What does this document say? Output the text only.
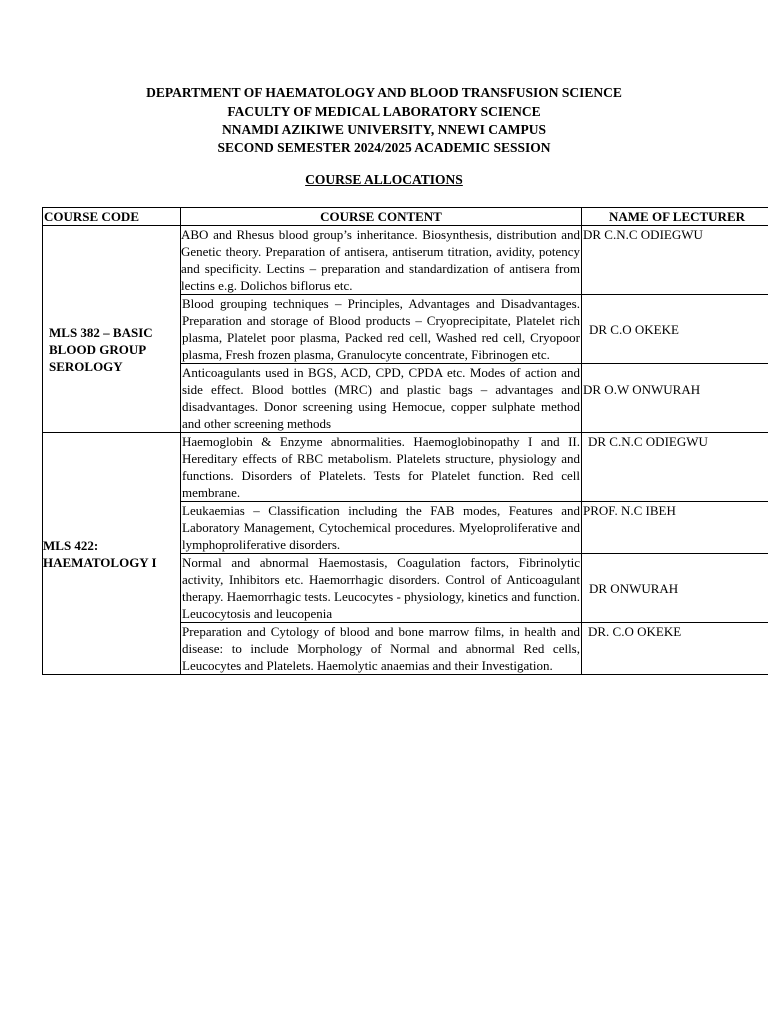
DEPARTMENT OF HAEMATOLOGY AND BLOOD TRANSFUSION SCIENCE
FACULTY OF MEDICAL LABORATORY SCIENCE
NNAMDI AZIKIWE UNIVERSITY, NNEWI CAMPUS
SECOND SEMESTER 2024/2025 ACADEMIC SESSION
COURSE ALLOCATIONS
COURSE CODE	COURSE CONTENT	NAME OF LECTURER
MLS 382 – BASIC BLOOD GROUP SEROLOGY	ABO and Rhesus blood group’s inheritance. Biosynthesis, distribution and Genetic theory. Preparation of antisera, antiserum titration, avidity, potency and specificity. Lectins – preparation and standardization of antisera from lectins e.g. Dolichos biflorus etc.	DR C.N.C ODIEGWU
	Blood grouping techniques – Principles, Advantages and Disadvantages. Preparation and storage of Blood products – Cryoprecipitate, Platelet rich plasma, Platelet poor plasma, Packed red cell, Washed red cell, Cryopoor plasma, Fresh frozen plasma, Granulocyte concentrate, Fibrinogen etc.	DR C.O OKEKE
	Anticoagulants used in BGS, ACD, CPD, CPDA etc. Modes of action and side effect. Blood bottles (MRC) and plastic bags – advantages and disadvantages. Donor screening using Hemocue, copper sulphate method and other screening methods	DR O.W ONWURAH
MLS 422: HAEMATOLOGY I	Haemoglobin & Enzyme abnormalities. Haemoglobinopathy I and II. Hereditary effects of RBC metabolism. Platelets structure, physiology and functions. Disorders of Platelets. Tests for Platelet function. Red cell membrane.	DR C.N.C ODIEGWU
	Leukaemias – Classification including the FAB modes, Features and Laboratory Management, Cytochemical procedures. Myeloproliferative and lymphoproliferative disorders.	PROF. N.C IBEH
	Normal and abnormal Haemostasis, Coagulation factors, Fibrinolytic activity, Inhibitors etc. Haemorrhagic disorders. Control of Anticoagulant therapy. Haemorrhagic tests. Leucocytes - physiology, kinetics and function. Leucocytosis and leucopenia	DR ONWURAH
	Preparation and Cytology of blood and bone marrow films, in health and disease: to include Morphology of Normal and abnormal Red cells, Leucocytes and Platelets. Haemolytic anaemias and their Investigation.	DR. C.O OKEKE
